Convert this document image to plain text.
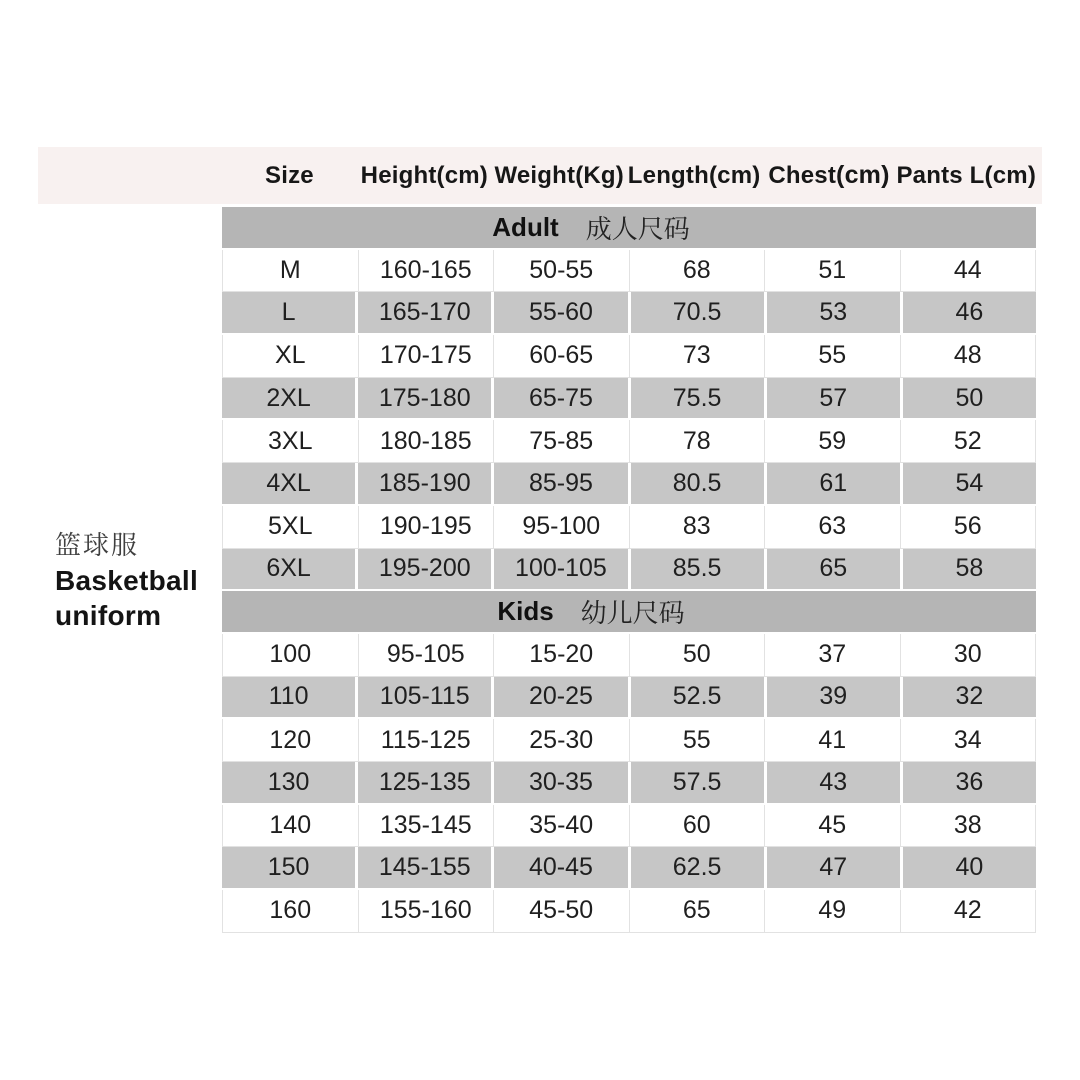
Size Height(cm) Weight(Kg) Length(cm) Chest (cm) Pants L(cm)
篮球服
Basketball
uniform
Adult 成人尺码
M	160-165	50-55	68	51	44
L	165-170	55-60	70.5	53	46
XL	170-175	60-65	73	55	48
2XL	175-180	65-75	75.5	57	50
3XL	180-185	75-85	78	59	52
4XL	185-190	85-95	80.5	61	54
5XL	190-195	95-100	83	63	56
6XL	195-200	100-105	85.5	65	58
Kids 幼儿尺码
100	95-105	15-20	50	37	30
110	105-115	20-25	52.5	39	32
120	115-125	25-30	55	41	34
130	125-135	30-35	57.5	43	36
140	135-145	35-40	60	45	38
150	145-155	40-45	62.5	47	40
160	155-160	45-50	65	49	42
